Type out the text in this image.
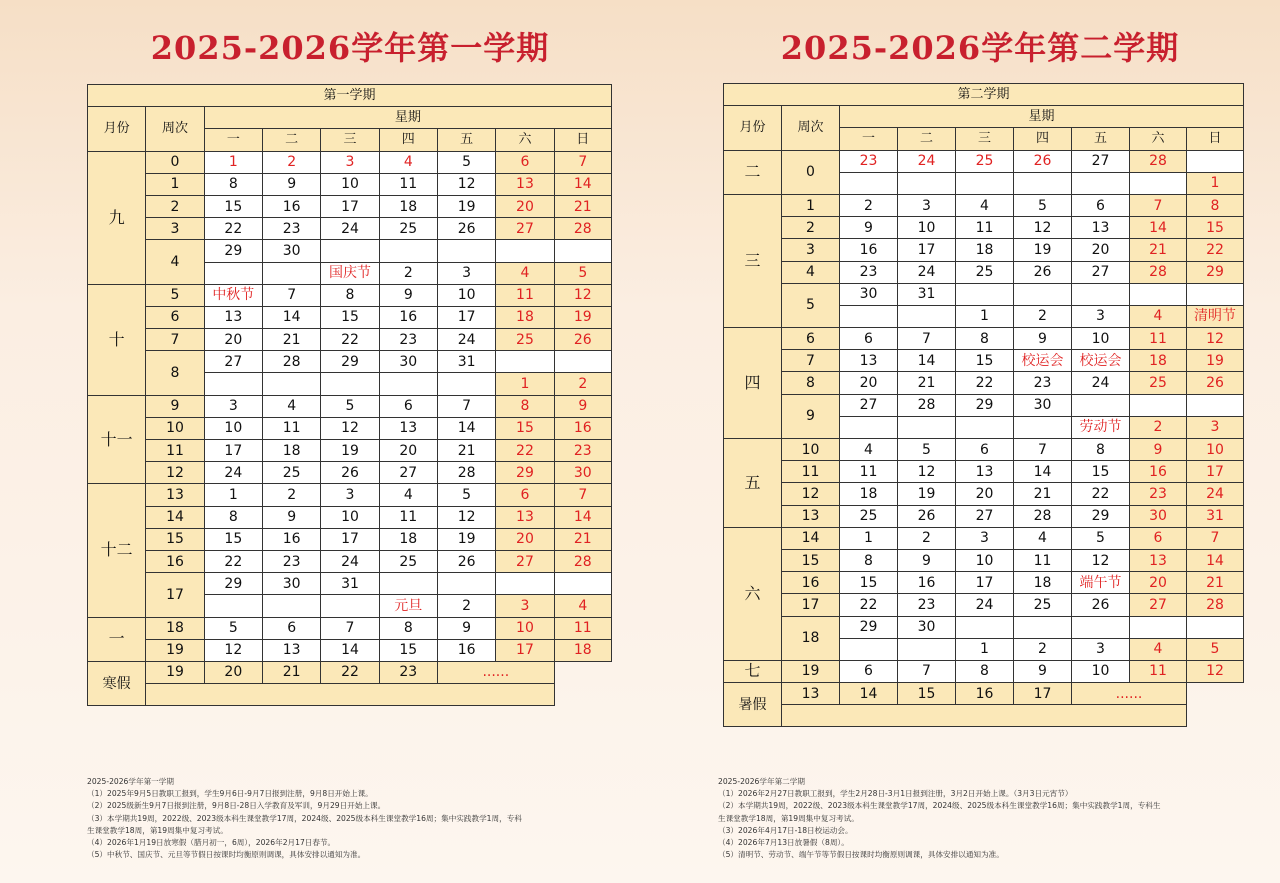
2025-2026学年第一学期	2025-2026学年第二学期
第一学期								
月份	周次	星期						
		一	二	三	四	五	六	日
九	0	1	2	3	4	5	6	7
	1	8	9	10	11	12	13	14
	2	15	16	17	18	19	20	21
	3	22	23	24	25	26	27	28
	4	29	30					
				国庆节	2	3	4	5
十	5	中秋节	7	8	9	10	11	12
	6	13	14	15	16	17	18	19
	7	20	21	22	23	24	25	26
	8	27	28	29	30	31		
							1	2
十一	9	3	4	5	6	7	8	9
	10	10	11	12	13	14	15	16
	11	17	18	19	20	21	22	23
	12	24	25	26	27	28	29	30
十二	13	1	2	3	4	5	6	7
	14	8	9	10	11	12	13	14
	15	15	16	17	18	19	20	21
	16	22	23	24	25	26	27	28
	17	29	30	31				
					元旦	2	3	4
一	18	5	6	7	8	9	10	11
	19	12	13	14	15	16	17	18
寒假	19	20	21	22	23	......		

第二学期								
月份	周次	星期						
		一	二	三	四	五	六	日
二	0	23	24	25	26	27	28	
								1
三	1	2	3	4	5	6	7	8
	2	9	10	11	12	13	14	15
	3	16	17	18	19	20	21	22
	4	23	24	25	26	27	28	29
	5	30	31					
				1	2	3	4	清明节
四	6	6	7	8	9	10	11	12
	7	13	14	15	校运会	校运会	18	19
	8	20	21	22	23	24	25	26
	9	27	28	29	30			
						劳动节	2	3
五	10	4	5	6	7	8	9	10
	11	11	12	13	14	15	16	17
	12	18	19	20	21	22	23	24
	13	25	26	27	28	29	30	31
六	14	1	2	3	4	5	6	7
	15	8	9	10	11	12	13	14
	16	15	16	17	18	端午节	20	21
	17	22	23	24	25	26	27	28
	18	29	30					
				1	2	3	4	5
七	19	6	7	8	9	10	11	12
暑假	13	14	15	16	17	......		

2025-2026学年第一学期
（1）2025年9月5日教职工报到，学生9月6日-9月7日报到注册，9月8日开始上课。
（2）2025级新生9月7日报到注册，9月8日-28日入学教育及军训，9月29日开始上课。
（3）本学期共19周，2022级、2023级本科生课堂教学17周，2024级、2025级本科生课堂教学16周；集中实践教学1周，专科
生课堂教学18周，第19周集中复习考试。
（4）2026年1月19日放寒假（腊月初一，6周），2026年2月17日春节。
（5）中秋节、国庆节、元旦等节假日按课时均衡原则调课，具体安排以通知为准。
2025-2026学年第二学期
（1）2026年2月27日教职工报到，学生2月28日-3月1日报到注册，3月2日开始上课。（3月3日元宵节）
（2）本学期共19周，2022级、2023级本科生课堂教学17周，2024级、2025级本科生课堂教学16周；集中实践教学1周，专科生
生课堂教学18周，第19周集中复习考试。
（3）2026年4月17日-18日校运动会。
（4）2026年7月13日放暑假（8周）。
（5）清明节、劳动节、端午节等节假日按课时均衡原则调课，具体安排以通知为准。
